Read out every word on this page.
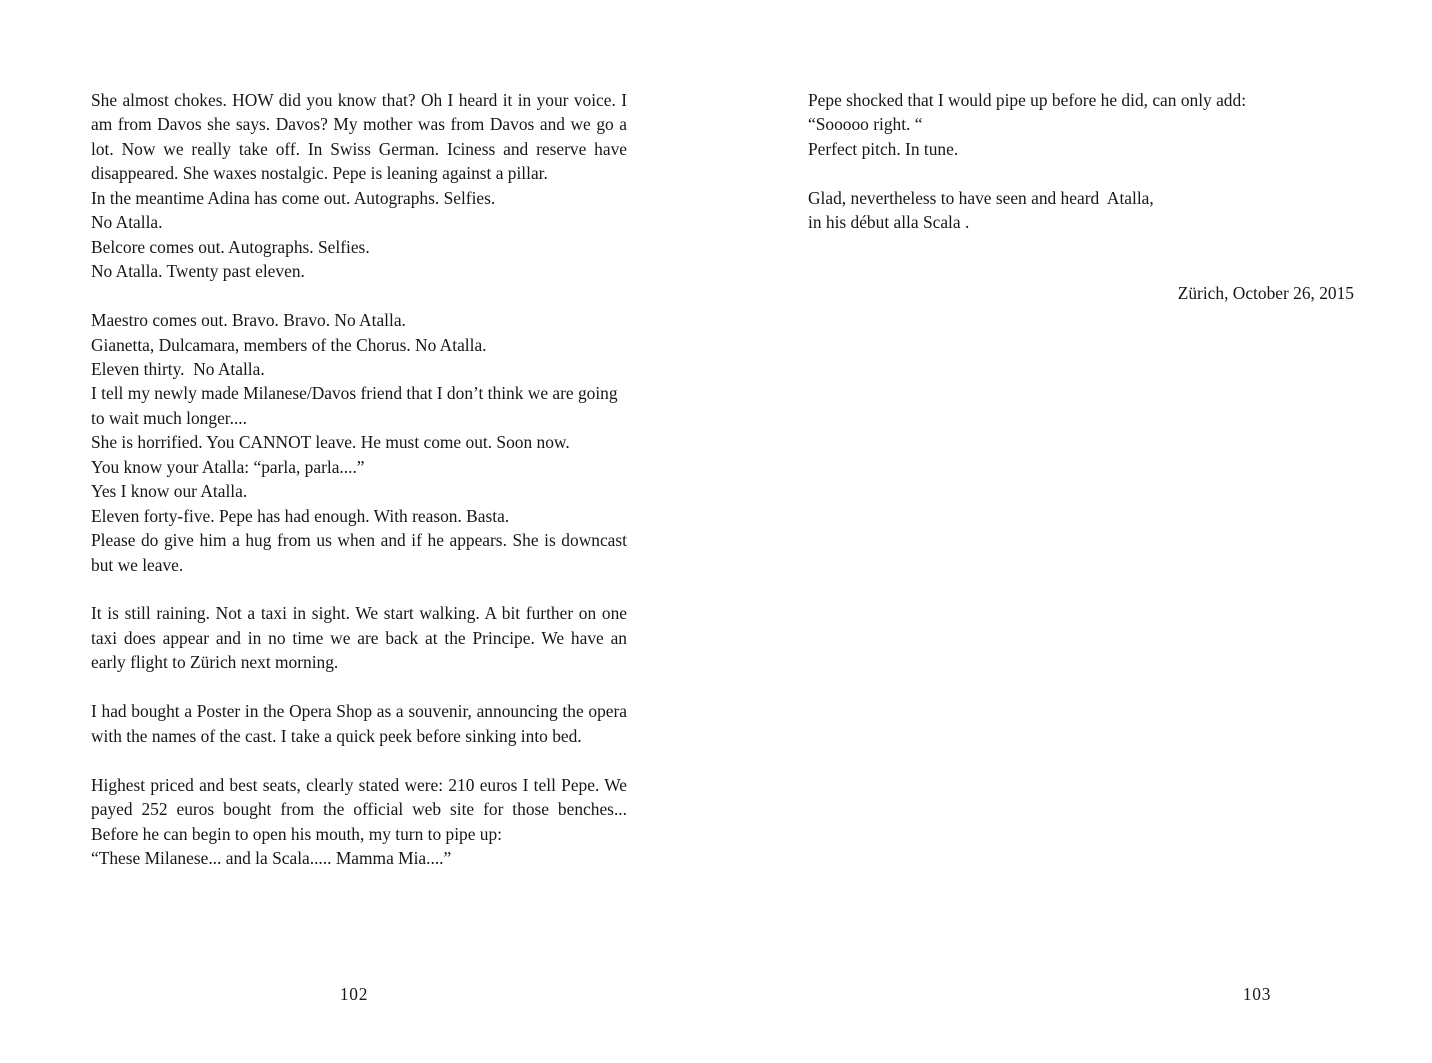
She almost chokes. HOW did you know that? Oh I heard it in your voice. I am from Davos she says. Davos? My mother was from Davos and we go a lot. Now we really take off. In Swiss German. Iciness and reserve have disappeared. She waxes nostalgic. Pepe is leaning against a pillar.

In the meantime Adina has come out. Autographs. Selfies.

No Atalla.

Belcore comes out. Autographs. Selfies.

No Atalla. Twenty past eleven.

Maestro comes out. Bravo. Bravo. No Atalla.

Gianetta, Dulcamara, members of the Chorus. No Atalla.

Eleven thirty.  No Atalla.

I tell my newly made Milanese/Davos friend that I don’t think we are going to wait much longer....

She is horrified. You CANNOT leave. He must come out. Soon now.

You know your Atalla: “parla, parla....”

Yes I know our Atalla.

Eleven forty-five. Pepe has had enough. With reason. Basta.

Please do give him a hug from us when and if he appears. She is downcast but we leave.

It is still raining. Not a taxi in sight. We start walking. A bit further on one taxi does appear and in no time we are back at the Principe. We have an early flight to Zürich next morning.

I had bought a Poster in the Opera Shop as a souvenir, announcing the opera with the names of the cast. I take a quick peek before sinking into bed.

Highest priced and best seats, clearly stated were: 210 euros I tell Pepe. We payed 252 euros bought from the official web site for those benches... Before he can begin to open his mouth, my turn to pipe up:

“These Milanese... and la Scala..... Mamma Mia....”

102

Pepe shocked that I would pipe up before he did, can only add:

“Sooooo right. “

Perfect pitch. In tune.

Glad, nevertheless to have seen and heard  Atalla,

in his début alla Scala .

Zürich, October 26, 2015

103
